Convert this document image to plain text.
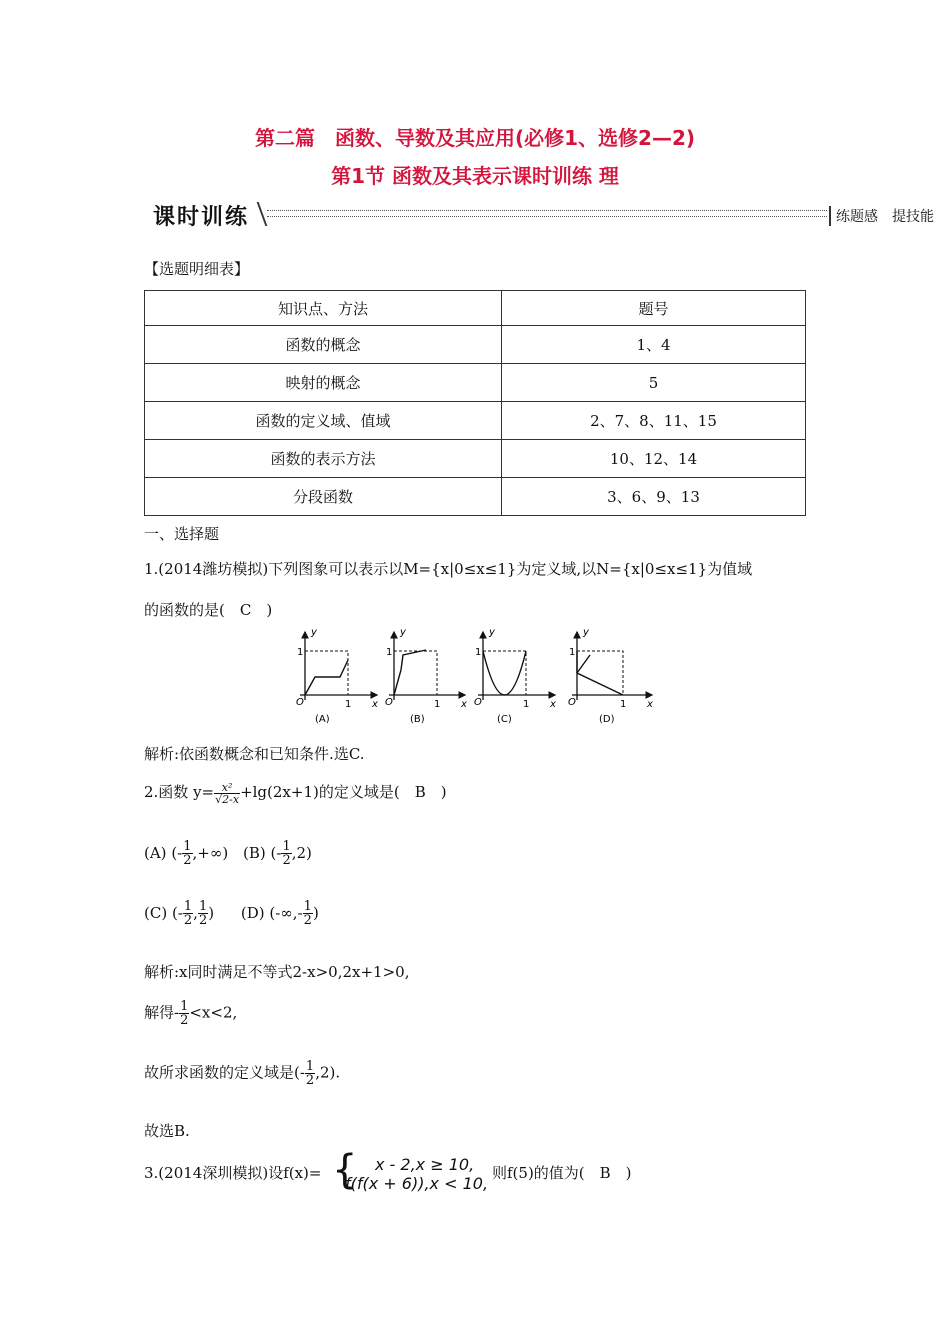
第二篇　函数、导数及其应用(必修1、选修2—2)
第1节 函数及其表示课时训练 理
课时训练	练题感 提技能
【选题明细表】
知识点、方法	题号
函数的概念	1、4
映射的概念	5
函数的定义域、值域	2、7、8、11、15
函数的表示方法	10、12、14
分段函数	3、6、9、13
一、选择题
1.(2014潍坊模拟)下列图象可以表示以M={x|0≤x≤1}为定义域,以N={x|0≤x≤1}为值域
的函数的是(　C　)
y
1
O	1 x
(A)
y
1
O	1 x
(B)
y
1
O	1 x
(C)
y
1
O	1 x
(D)
解析:依函数概念和已知条件.选C.
2.函数 $y= \frac{\text{x²}}{√2-x} +\lg(2x+1)$的定义域是(　B　)
(A) (- $\frac{1}{2}$ ,+∞) (B) (- $\frac{1}{2} ,2$)
(C) (- $\frac{1}{2}$ , $\frac{1}{2}$ ) (D) (-∞,- $\frac{1}{2}$ )
解析:x同时满足不等式2-x>0,2x+1>0,
解得- $\frac{1}{2} <x<2$,
故所求函数的定义域是(- $\frac{1}{2} ,2$).
故选B.
3.(2014深圳模拟)设f(x)= { x - 2,x ≥ 10,
f(f(x + 6)),x < 10,
则f(5)的值为(　B　)
